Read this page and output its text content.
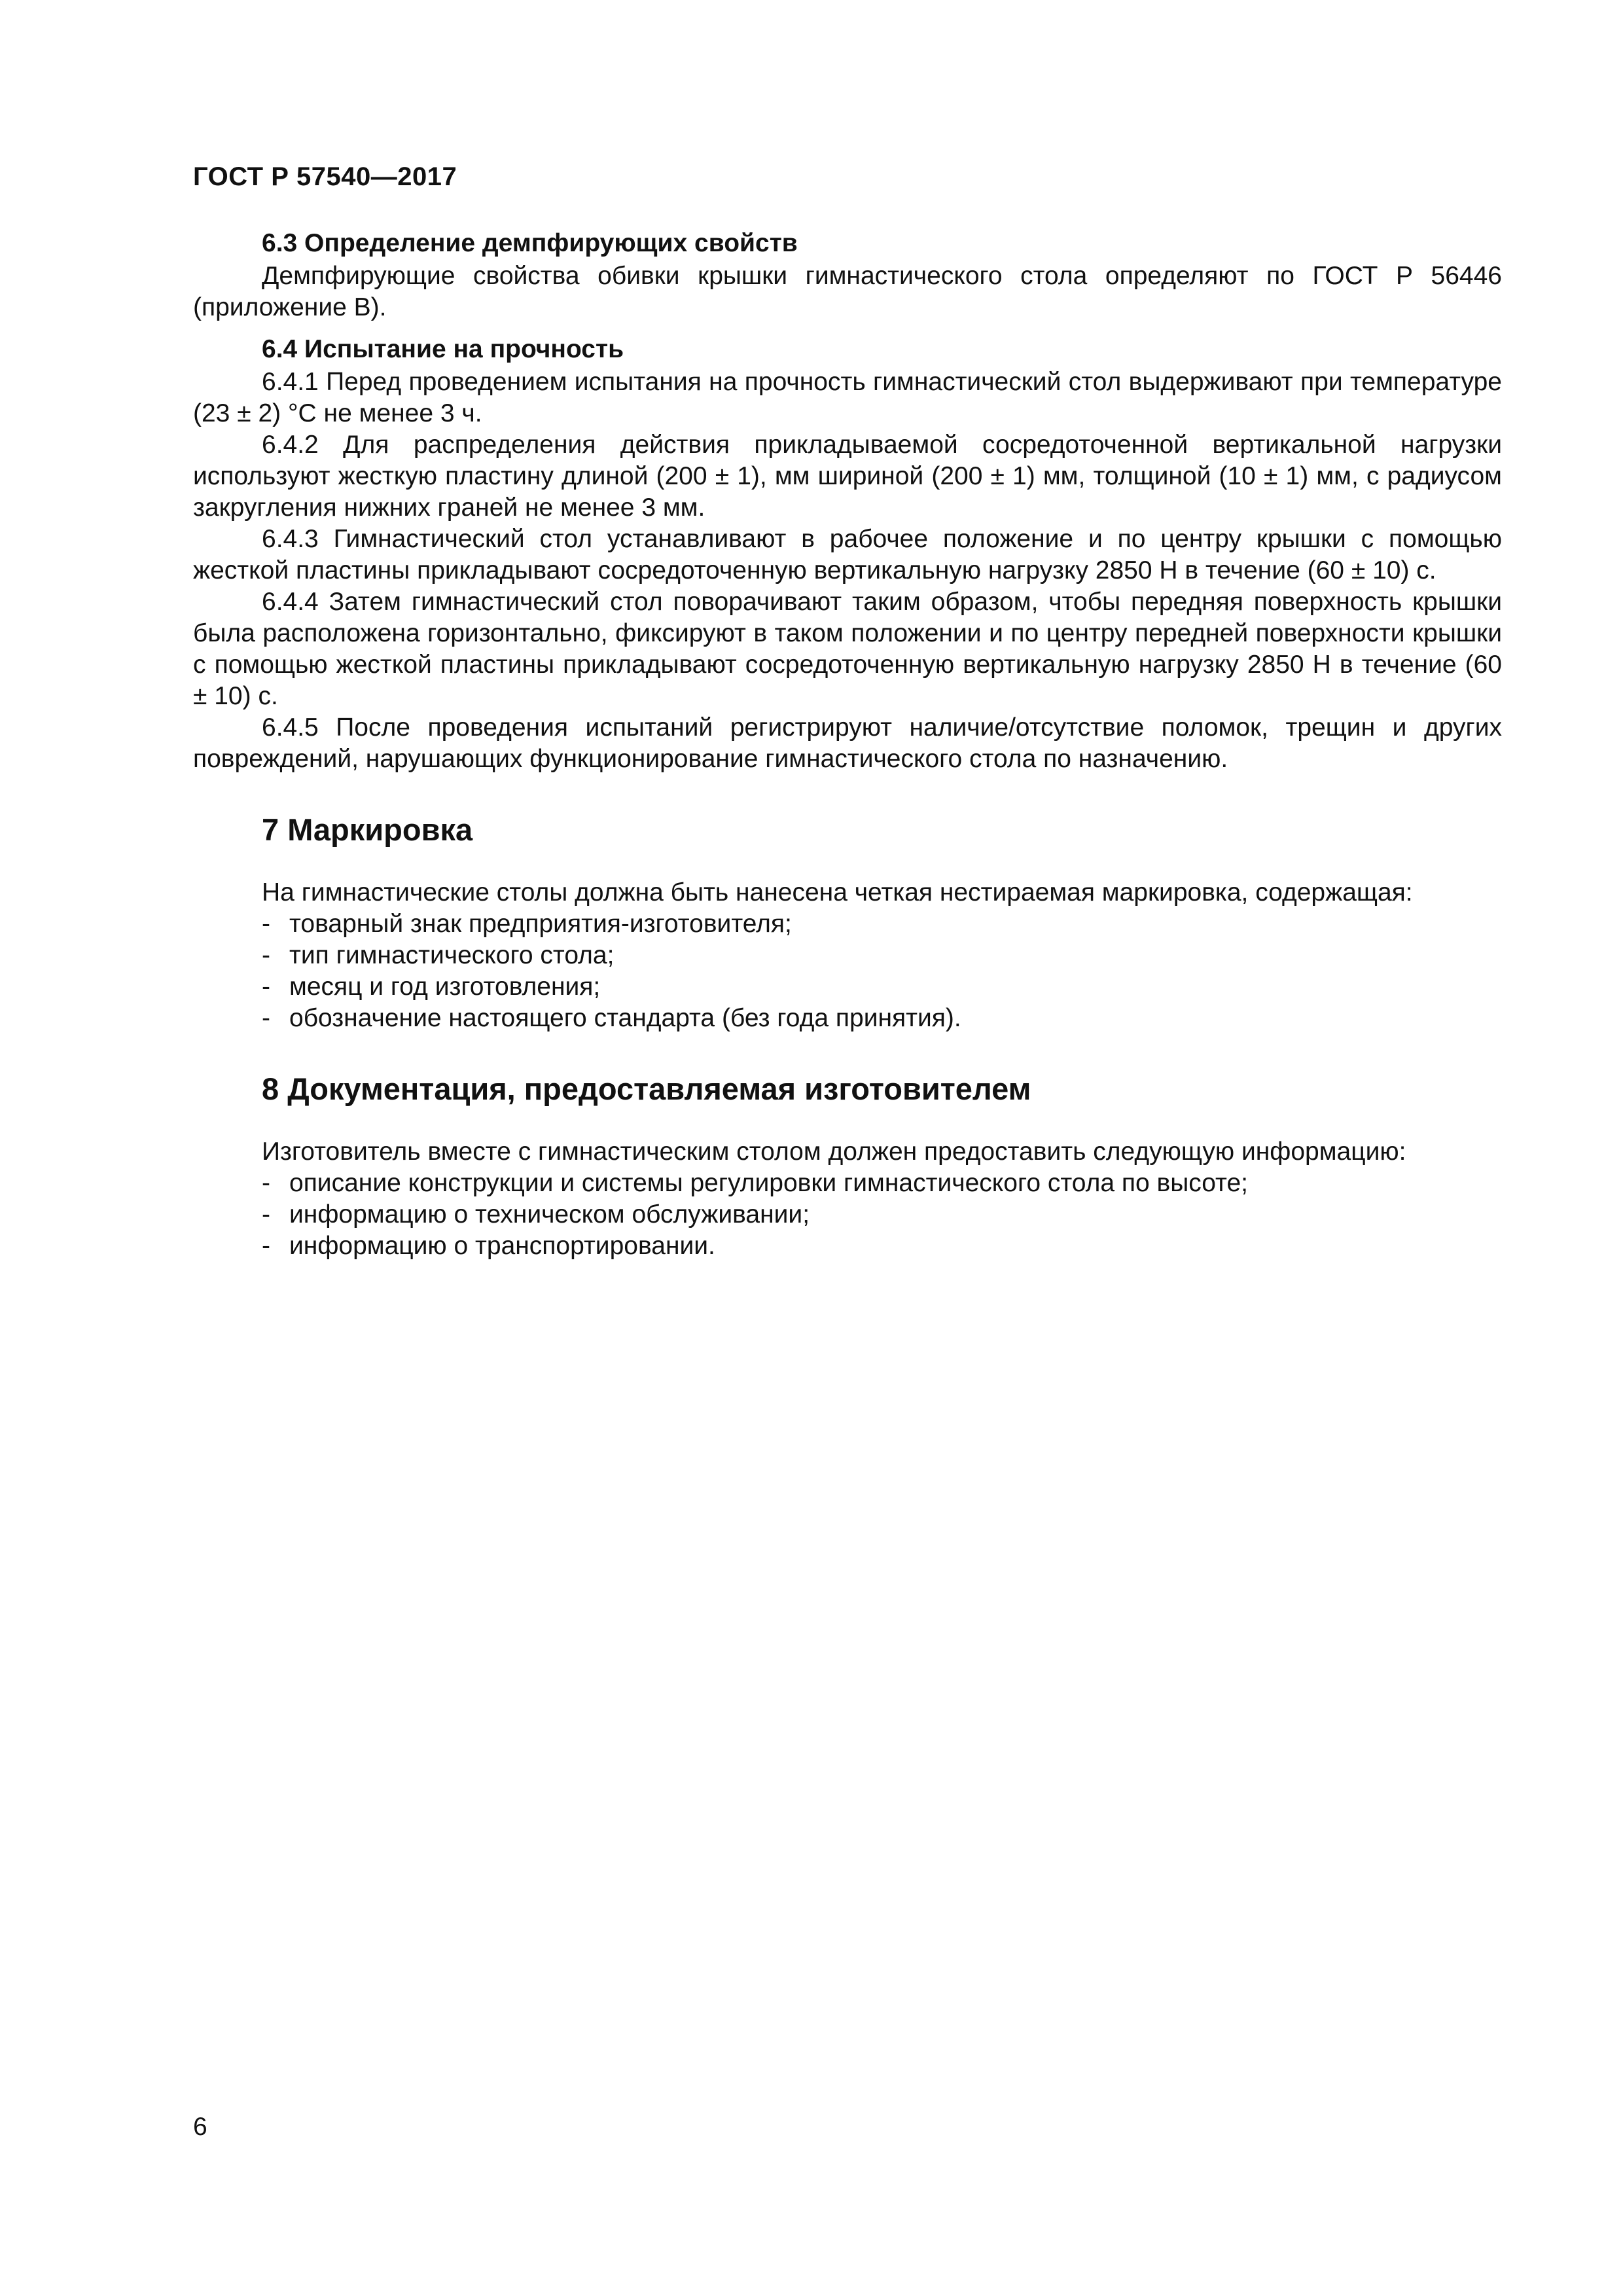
ГОСТ Р 57540—2017

6.3 Определение демпфирующих свойств

Демпфирующие свойства обивки крышки гимнастического стола определяют по ГОСТ Р 56446 (приложение В).

6.4 Испытание на прочность

6.4.1 Перед проведением испытания на прочность гимнастический стол выдерживают при температуре (23 ± 2) °С не менее 3 ч.

6.4.2 Для распределения действия прикладываемой сосредоточенной вертикальной нагрузки используют жесткую пластину длиной (200 ± 1), мм шириной (200 ± 1) мм, толщиной (10 ± 1) мм, с радиусом закругления нижних граней не менее 3 мм.

6.4.3 Гимнастический стол устанавливают в рабочее положение и по центру крышки с помощью жесткой пластины прикладывают сосредоточенную вертикальную нагрузку 2850 Н в течение (60 ± 10) с.

6.4.4 Затем гимнастический стол поворачивают таким образом, чтобы передняя поверхность крышки была расположена горизонтально, фиксируют в таком положении и по центру передней поверхности крышки с помощью жесткой пластины прикладывают сосредоточенную вертикальную нагрузку 2850 Н в течение (60 ± 10) с.

6.4.5 После проведения испытаний регистрируют наличие/отсутствие поломок, трещин и других повреждений, нарушающих функционирование гимнастического стола по назначению.

7 Маркировка

На гимнастические столы должна быть нанесена четкая нестираемая маркировка, содержащая:

- товарный знак предприятия-изготовителя;
- тип гимнастического стола;
- месяц и год изготовления;
- обозначение настоящего стандарта (без года принятия).
8 Документация, предоставляемая изготовителем

Изготовитель вместе с гимнастическим столом должен предоставить следующую информацию:

- описание конструкции и системы регулировки гимнастического стола по высоте;
- информацию о техническом обслуживании;
- информацию о транспортировании.
6
